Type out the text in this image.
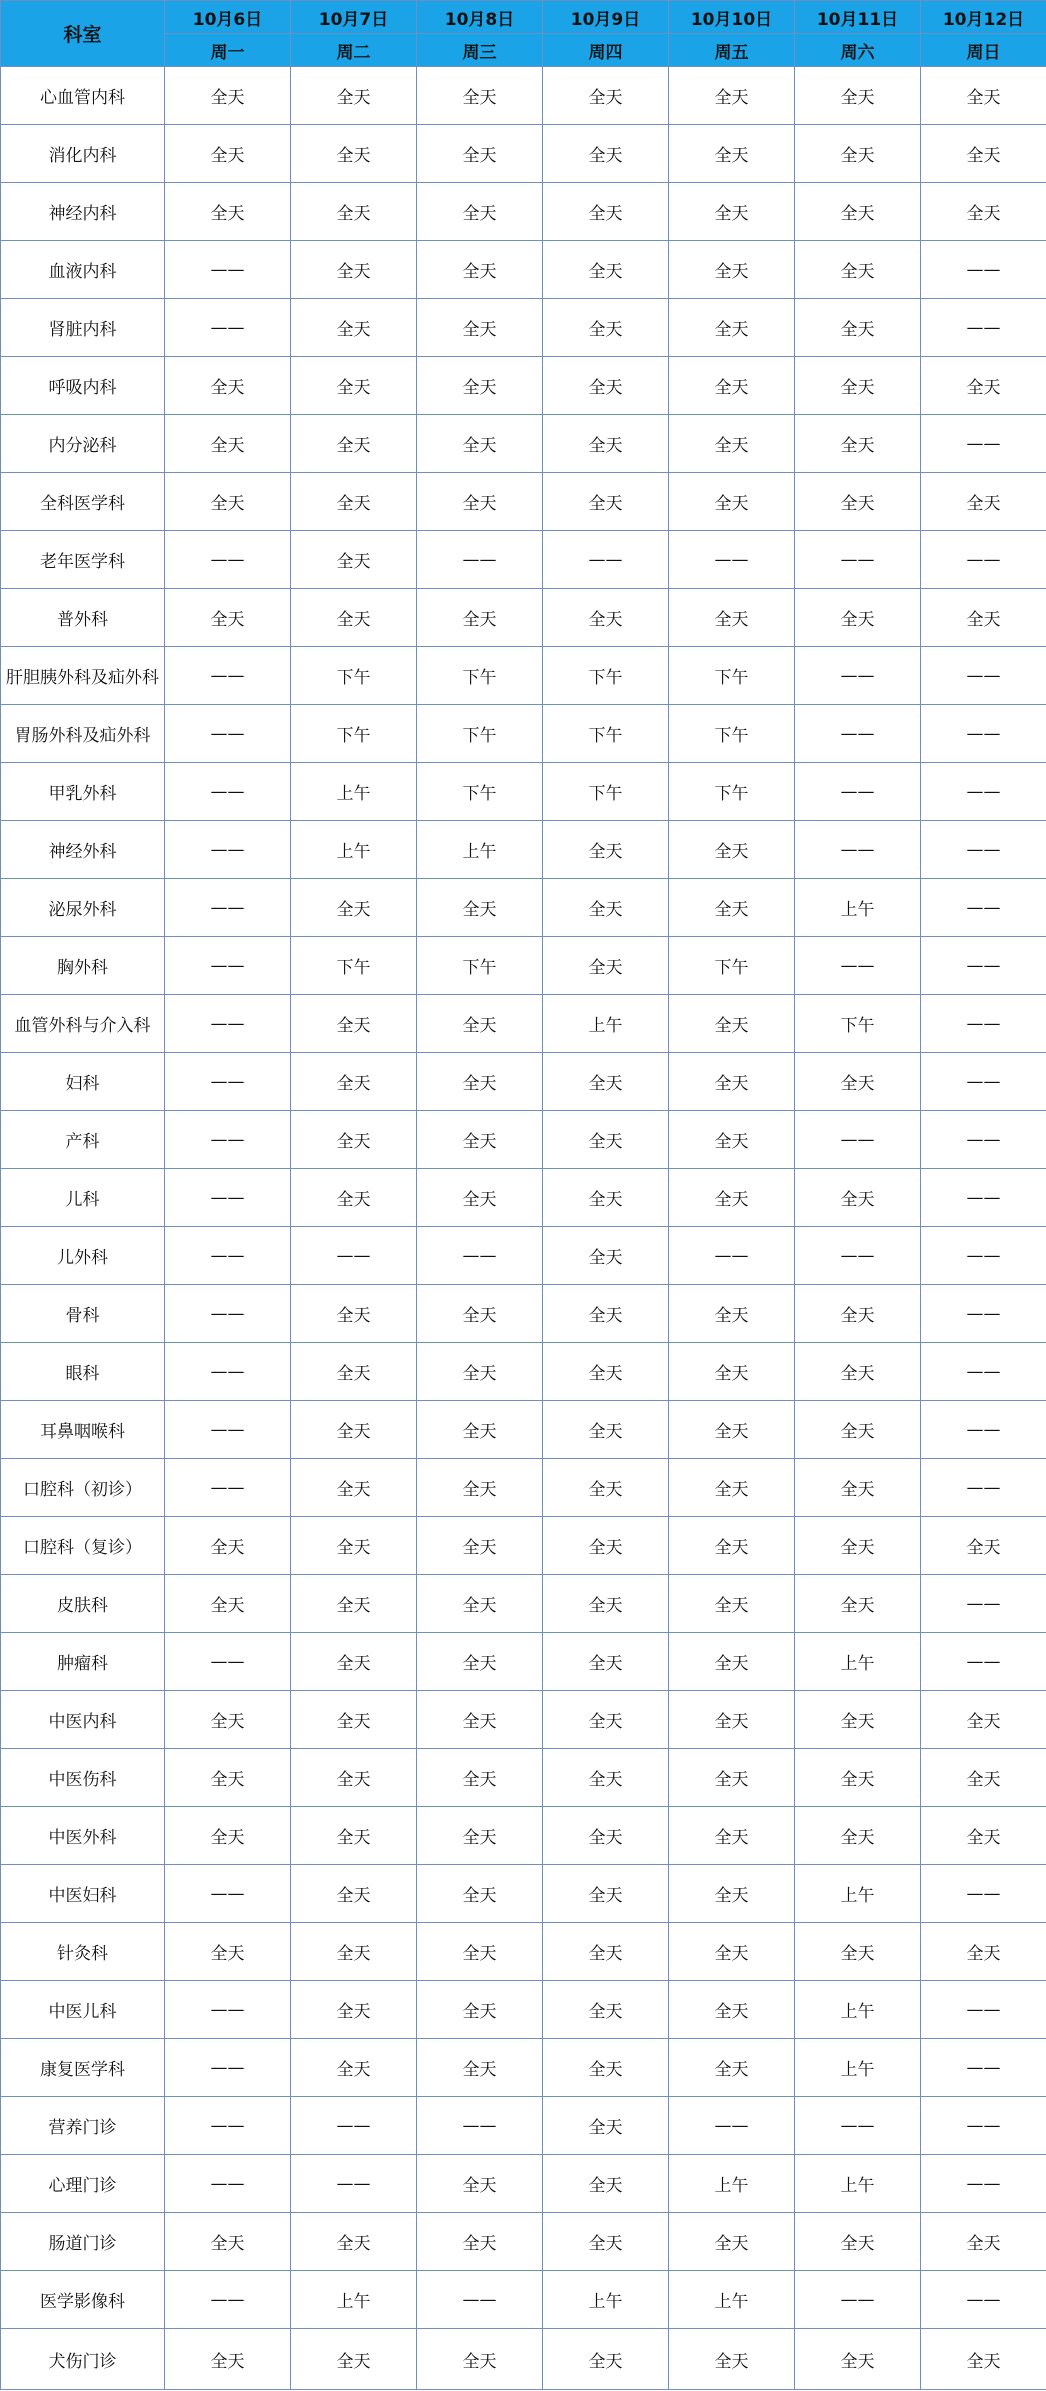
科室	10月6日	10月7日	10月8日	10月9日	10月10日	10月11日	10月12日
	周一	周二	周三	周四	周五	周六	周日
心血管内科	全天	全天	全天	全天	全天	全天	全天
消化内科	全天	全天	全天	全天	全天	全天	全天
神经内科	全天	全天	全天	全天	全天	全天	全天
血液内科	——	全天	全天	全天	全天	全天	——
肾脏内科	——	全天	全天	全天	全天	全天	——
呼吸内科	全天	全天	全天	全天	全天	全天	全天
内分泌科	全天	全天	全天	全天	全天	全天	——
全科医学科	全天	全天	全天	全天	全天	全天	全天
老年医学科	——	全天	——	——	——	——	——
普外科	全天	全天	全天	全天	全天	全天	全天
肝胆胰外科及疝外科	——	下午	下午	下午	下午	——	——
胃肠外科及疝外科	——	下午	下午	下午	下午	——	——
甲乳外科	——	上午	下午	下午	下午	——	——
神经外科	——	上午	上午	全天	全天	——	——
泌尿外科	——	全天	全天	全天	全天	上午	——
胸外科	——	下午	下午	全天	下午	——	——
血管外科与介入科	——	全天	全天	上午	全天	下午	——
妇科	——	全天	全天	全天	全天	全天	——
产科	——	全天	全天	全天	全天	——	——
儿科	——	全天	全天	全天	全天	全天	——
儿外科	——	——	——	全天	——	——	——
骨科	——	全天	全天	全天	全天	全天	——
眼科	——	全天	全天	全天	全天	全天	——
耳鼻咽喉科	——	全天	全天	全天	全天	全天	——
口腔科（初诊）	——	全天	全天	全天	全天	全天	——
口腔科（复诊）	全天	全天	全天	全天	全天	全天	全天
皮肤科	全天	全天	全天	全天	全天	全天	——
肿瘤科	——	全天	全天	全天	全天	上午	——
中医内科	全天	全天	全天	全天	全天	全天	全天
中医伤科	全天	全天	全天	全天	全天	全天	全天
中医外科	全天	全天	全天	全天	全天	全天	全天
中医妇科	——	全天	全天	全天	全天	上午	——
针灸科	全天	全天	全天	全天	全天	全天	全天
中医儿科	——	全天	全天	全天	全天	上午	——
康复医学科	——	全天	全天	全天	全天	上午	——
营养门诊	——	——	——	全天	——	——	——
心理门诊	——	——	全天	全天	上午	上午	——
肠道门诊	全天	全天	全天	全天	全天	全天	全天
医学影像科	——	上午	——	上午	上午	——	——
犬伤门诊	全天	全天	全天	全天	全天	全天	全天
